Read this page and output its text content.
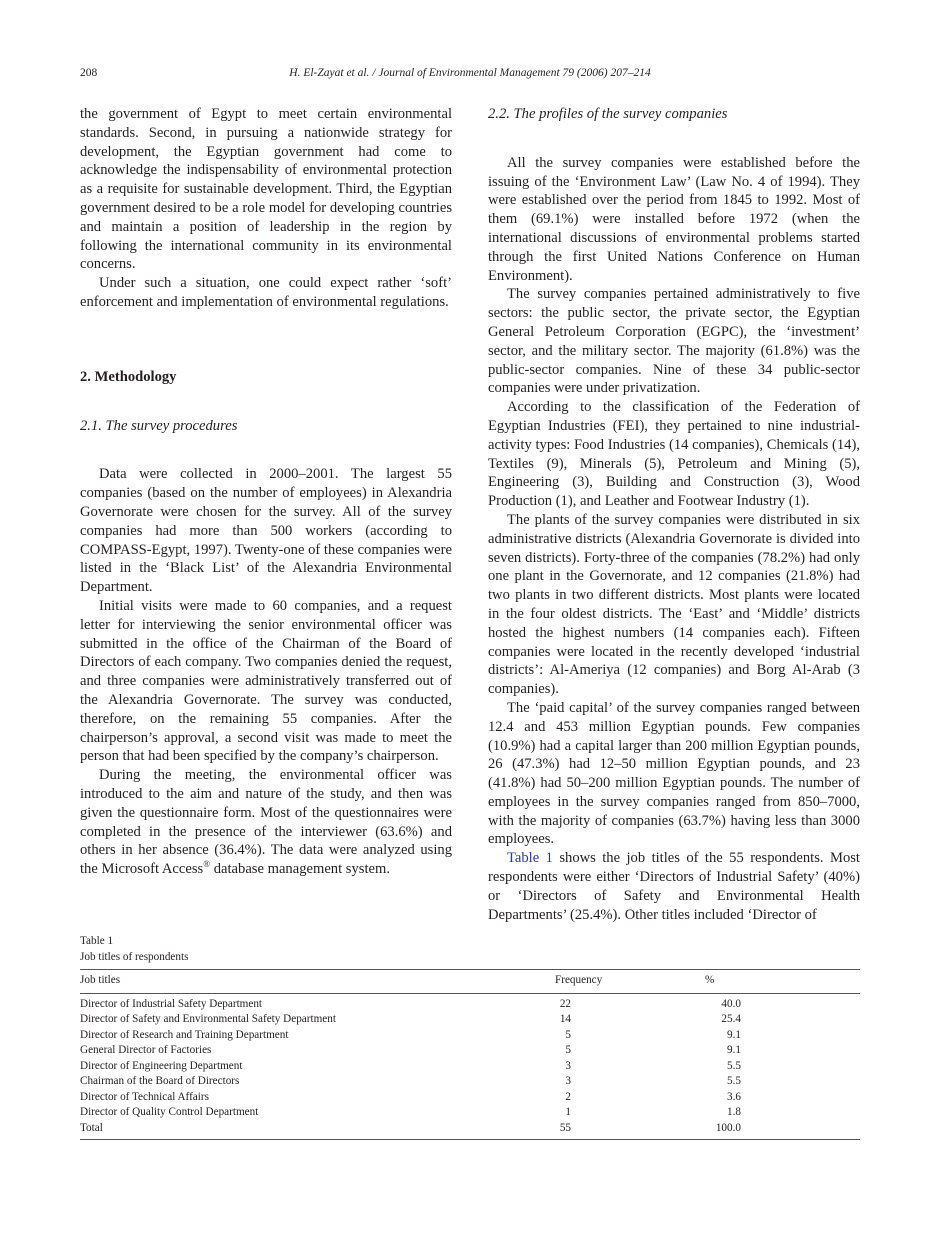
208	H. El-Zayat et al. / Journal of Environmental Management 79 (2006) 207–214

the government of Egypt to meet certain environmental standards. Second, in pursuing a nationwide strategy for development, the Egyptian government had come to acknowledge the indispensability of environmental protection as a requisite for sustainable development. Third, the Egyptian government desired to be a role model for developing countries and maintain a position of leadership in the region by following the international community in its environmental concerns.

Under such a situation, one could expect rather ‘soft’ enforcement and implementation of environmental regulations.

2. Methodology

2.1. The survey procedures

Data were collected in 2000–2001. The largest 55 companies (based on the number of employees) in Alexandria Governorate were chosen for the survey. All of the survey companies had more than 500 workers (according to COMPASS-Egypt, 1997). Twenty-one of these companies were listed in the ‘Black List’ of the Alexandria Environmental Department.

Initial visits were made to 60 companies, and a request letter for interviewing the senior environmental officer was submitted in the office of the Chairman of the Board of Directors of each company. Two companies denied the request, and three companies were administratively transferred out of the Alexandria Governorate. The survey was conducted, therefore, on the remaining 55 companies. After the chairperson’s approval, a second visit was made to meet the person that had been specified by the company’s chairperson.

During the meeting, the environmental officer was introduced to the aim and nature of the study, and then was given the questionnaire form. Most of the questionnaires were completed in the presence of the interviewer (63.6%) and others in her absence (36.4%). The data were analyzed using the Microsoft Access® database management system.

2.2. The profiles of the survey companies

All the survey companies were established before the issuing of the ‘Environment Law’ (Law No. 4 of 1994). They were established over the period from 1845 to 1992. Most of them (69.1%) were installed before 1972 (when the international discussions of environmental problems started through the first United Nations Conference on Human Environment).

The survey companies pertained administratively to five sectors: the public sector, the private sector, the Egyptian General Petroleum Corporation (EGPC), the ‘investment’ sector, and the military sector. The majority (61.8%) was the public-sector companies. Nine of these 34 public-sector companies were under privatization.

According to the classification of the Federation of Egyptian Industries (FEI), they pertained to nine industrial-activity types: Food Industries (14 companies), Chemicals (14), Textiles (9), Minerals (5), Petroleum and Mining (5), Engineering (3), Building and Construction (3), Wood Production (1), and Leather and Footwear Industry (1).

The plants of the survey companies were distributed in six administrative districts (Alexandria Governorate is divided into seven districts). Forty-three of the companies (78.2%) had only one plant in the Governorate, and 12 companies (21.8%) had two plants in two different districts. Most plants were located in the four oldest districts. The ‘East’ and ‘Middle’ districts hosted the highest numbers (14 companies each). Fifteen companies were located in the recently developed ‘industrial districts’: Al-Ameriya (12 companies) and Borg Al-Arab (3 companies).

The ‘paid capital’ of the survey companies ranged between 12.4 and 453 million Egyptian pounds. Few companies (10.9%) had a capital larger than 200 million Egyptian pounds, 26 (47.3%) had 12–50 million Egyptian pounds, and 23 (41.8%) had 50–200 million Egyptian pounds. The number of employees in the survey companies ranged from 850–7000, with the majority of companies (63.7%) having less than 3000 employees.

Table 1 shows the job titles of the 55 respondents. Most respondents were either ‘Directors of Industrial Safety’ (40%) or ‘Directors of Safety and Environmental Health Departments’ (25.4%). Other titles included ‘Director of

Table 1

Job titles of respondents

Job titles	Frequency	%
Director of Industrial Safety Department	22	40.0
Director of Safety and Environmental Safety Department	14	25.4
Director of Research and Training Department	5	9.1
General Director of Factories	5	9.1
Director of Engineering Department	3	5.5
Chairman of the Board of Directors	3	5.5
Director of Technical Affairs	2	3.6
Director of Quality Control Department	1	1.8
Total	55	100.0
